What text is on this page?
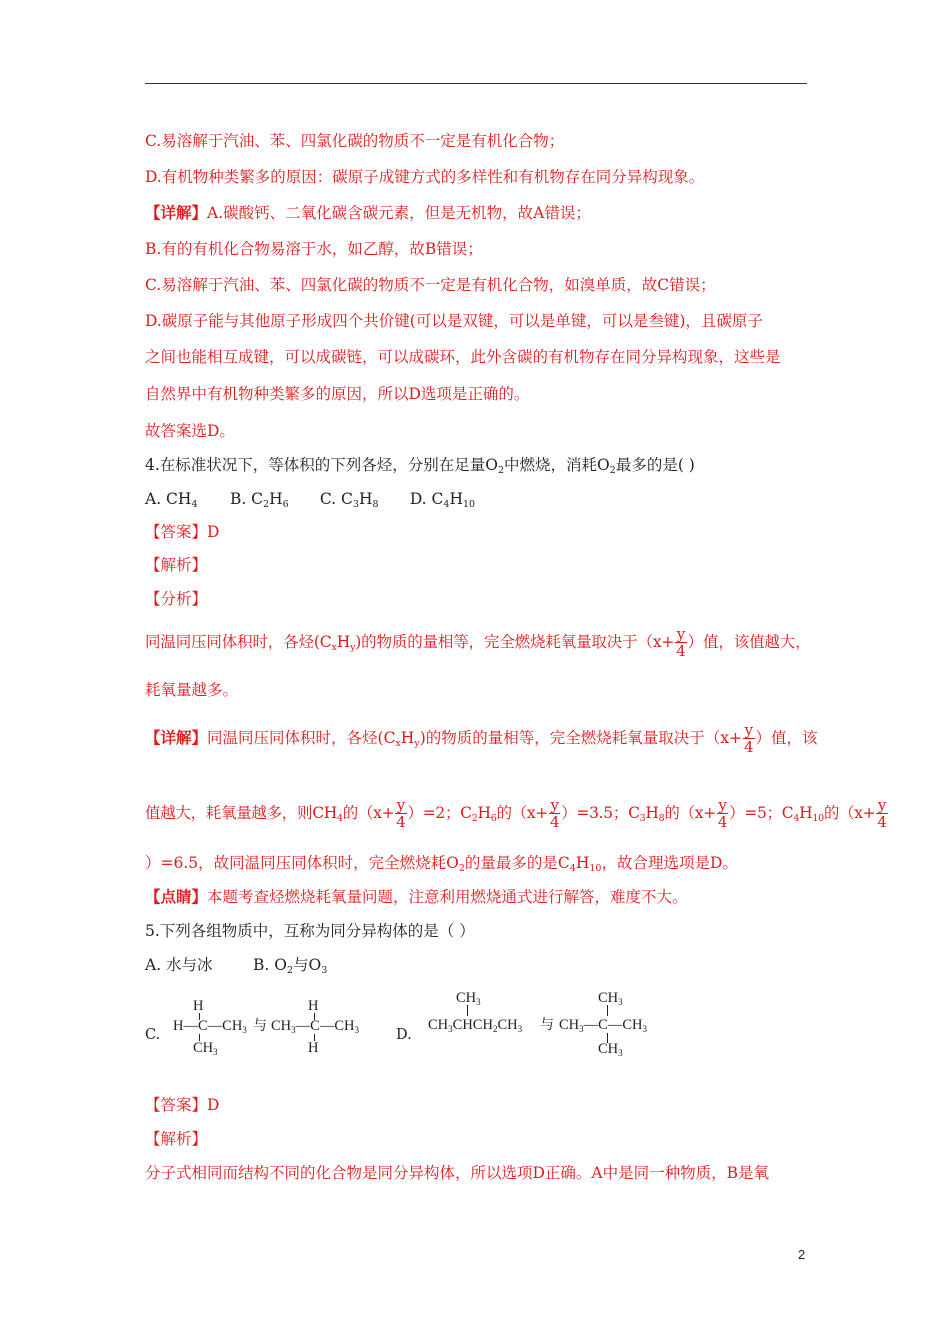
C.易溶解于汽油、苯、四氯化碳的物质不一定是有机化合物；
D.有机物种类繁多的原因：碳原子成键方式的多样性和有机物存在同分异构现象。
【详解】A.碳酸钙、二氧化碳含碳元素，但是无机物，故A错误；
B.有的有机化合物易溶于水，如乙醇，故B错误；
C.易溶解于汽油、苯、四氯化碳的物质不一定是有机化合物，如溴单质，故C错误；
D.碳原子能与其他原子形成四个共价键(可以是双键，可以是单键，可以是叁键)，且碳原子
之间也能相互成键，可以成碳链，可以成碳环，此外含碳的有机物存在同分异构现象，这些是
自然界中有机物种类繁多的原因，所以D选项是正确的。
故答案选D。
4.在标准状况下，等体积的下列各烃，分别在足量$O_2$中燃烧，消耗$O_2$最多的是( )
A. $CH_4$ B. $C_2H_6$ C. $C_3H_8$ D. $C_4H_{10}$
【答案】D
【解析】
【分析】
同温同压同体积时，各烃$(C_xH_y)$的物质的量相等，完全燃烧耗氧量取决于（$x+ \frac{y}{4}$ ）值，该值越大，
耗氧量越多。
【详解】同温同压同体积时，各烃$(C_xH_y)$的物质的量相等，完全燃烧耗氧量取决于（$x+ \frac{y}{4}$ ）值，该
值越大，耗氧量越多，则$CH_4$的$(x+ \frac{y}{4} )=2$；$C_2H_6$的$(x+ \frac{y}{4} )=3.5$；$C_3H_8$的$(x+ \frac{y}{4} )=5$；$C_4H_{10}$的（$x+ \frac{y}{4}$
）=6.5，故同温同压同体积时，完全燃烧耗$O_2$的量最多的是$C_4H_{10}$，故合理选项是D。
【点睛】本题考查烃燃烧耗氧量问题，注意利用燃烧通式进行解答，难度不大。
5.下列各组物质中，互称为同分异构体的是（ ）
A. 水与冰	B. $O_2$与$O_3$
C.
H
$H—C—CH_3$
$CH_3$
与
H
$CH_3—C—CH_3$
H
D.
$CH_3$
$CH_3CHCH_2CH_3$ 与
$CH_3$
$CH_3—C—CH_3$
$CH_3$
【答案】D
【解析】
分子式相同而结构不同的化合物是同分异构体，所以选项D正确。A中是同一种物质，B是氧
2
